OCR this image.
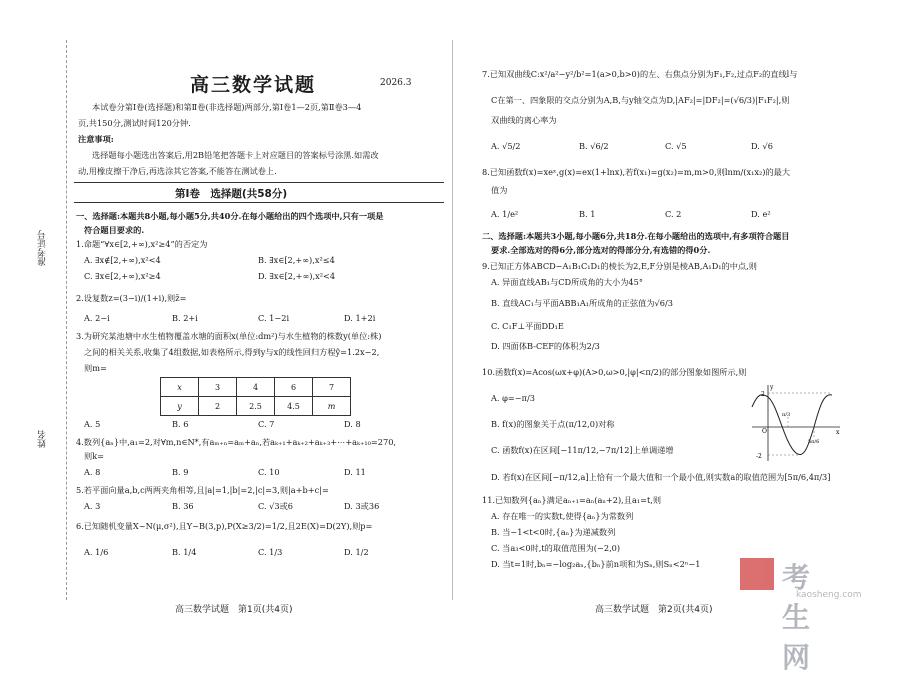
准考证号
姓名
高三数学试题	2026.3
本试卷分第Ⅰ卷(选择题)和第Ⅱ卷(非选择题)两部分,第Ⅰ卷1—2页,第Ⅱ卷3—4
页,共150分,测试时间120分钟.
注意事项:
选择题每小题选出答案后,用2B铅笔把答题卡上对应题目的答案标号涂黑.如需改
动,用橡皮擦干净后,再选涂其它答案,不能答在测试卷上.
第Ⅰ卷　选择题(共58分)
一、选择题:本题共8小题,每小题5分,共40分.在每小题给出的四个选项中,只有一项是
符合题目要求的.
1.命题“∀x∈[2,+∞),x²≥4”的否定为
A. ∃x∉[2,+∞),x²<4	B. ∃x∈[2,+∞),x²≤4
C. ∃x∈[2,+∞),x²≥4	D. ∃x∈[2,+∞),x²<4
2.设复数z=(3−i)/(1+i),则z̄=
A. 2−i	B. 2+i	C. 1−2i	D. 1+2i
3.为研究某池塘中水生植物覆盖水塘的面积x(单位:dm²)与水生植物的株数y(单位:株)
之间的相关关系,收集了4组数据,如表格所示,得到y与x的线性回归方程ŷ=1.2x−2,
则m=
x	3	4	6	7
y	2	2.5	4.5	m
A. 5	B. 6	C. 7	D. 8
4.数列{aₙ}中,a₁=2,对∀m,n∈N*,有aₘ₊ₙ=aₘ+aₙ,若aₖ₊₁+aₖ₊₂+aₖ₊₃+⋯+aₖ₊₁₀=270,
则k=
A. 8	B. 9	C. 10	D. 11
5.若平面向量a,b,c两两夹角相等,且|a|=1,|b|=2,|c|=3,则|a+b+c|=
A. 3	B. 36	C. √3或6	D. 3或36
6.已知随机变量X~N(μ,σ²),且Y~B(3,p),P(X≥3/2)=1/2,且2E(X)=D(2Y),则p=
A. 1/6	B. 1/4	C. 1/3	D. 1/2
高三数学试题　第1页(共4页)
7.已知双曲线C:x²/a²−y²/b²=1(a>0,b>0)的左、右焦点分别为F₁,F₂,过点F₂的直线l与
C在第一、四象限的交点分别为A,B,与y轴交点为D,|AF₂|=|DF₂|=(√6/3)|F₁F₂|,则
双曲线的离心率为
A. √5/2	B. √6/2	C. √5	D. √6
8.已知函数f(x)=xeˣ,g(x)=ex(1+lnx),若f(x₁)=g(x₂)=m,m>0,则lnm/(x₁x₂)的最大
值为
A. 1/e²	B. 1	C. 2	D. e²
二、选择题:本题共3小题,每小题6分,共18分.在每小题给出的选项中,有多项符合题目
要求.全部选对的得6分,部分选对的得部分分,有选错的得0分.
9.已知正方体ABCD−A₁B₁C₁D₁的棱长为2,E,F分别是棱AB,A₁D₁的中点,则
A. 异面直线AB₁与CD所成角的大小为45°
B. 直线AC₁与平面ABB₁A₁所成角的正弦值为√6/3
C. C₁F⊥平面DD₁E
D. 四面体B-CEF的体积为2/3
10.函数f(x)=Acos(ωx+φ)(A>0,ω>0,|φ|<π/2)的部分图象如图所示,则
A. φ=−π/3
B. f(x)的图象关于点(π/12,0)对称
C. 函数f(x)在区间[−11π/12,−7π/12]上单调递增
D. 若f(x)在区间[−π/12,a]上恰有一个最大值和一个最小值,则实数a的取值范围为[5π/6,4π/3]
11.已知数列{aₙ}满足aₙ₊₁=aₙ(aₙ+2),且a₁=t,则
A. 存在唯一的实数t,使得{aₙ}为常数列
B. 当−1<t<0时,{aₙ}为递减数列
C. 当a₃<0时,t的取值范围为(−2,0)
D. 当t=1时,bₙ=−log₂aₙ,{bₙ}前n项和为Sₙ,则Sₙ<2ⁿ−1
高三数学试题　第2页(共4页)
y
2
-2
O
π/3
5π/6
x
考生网
kaosheng.com
